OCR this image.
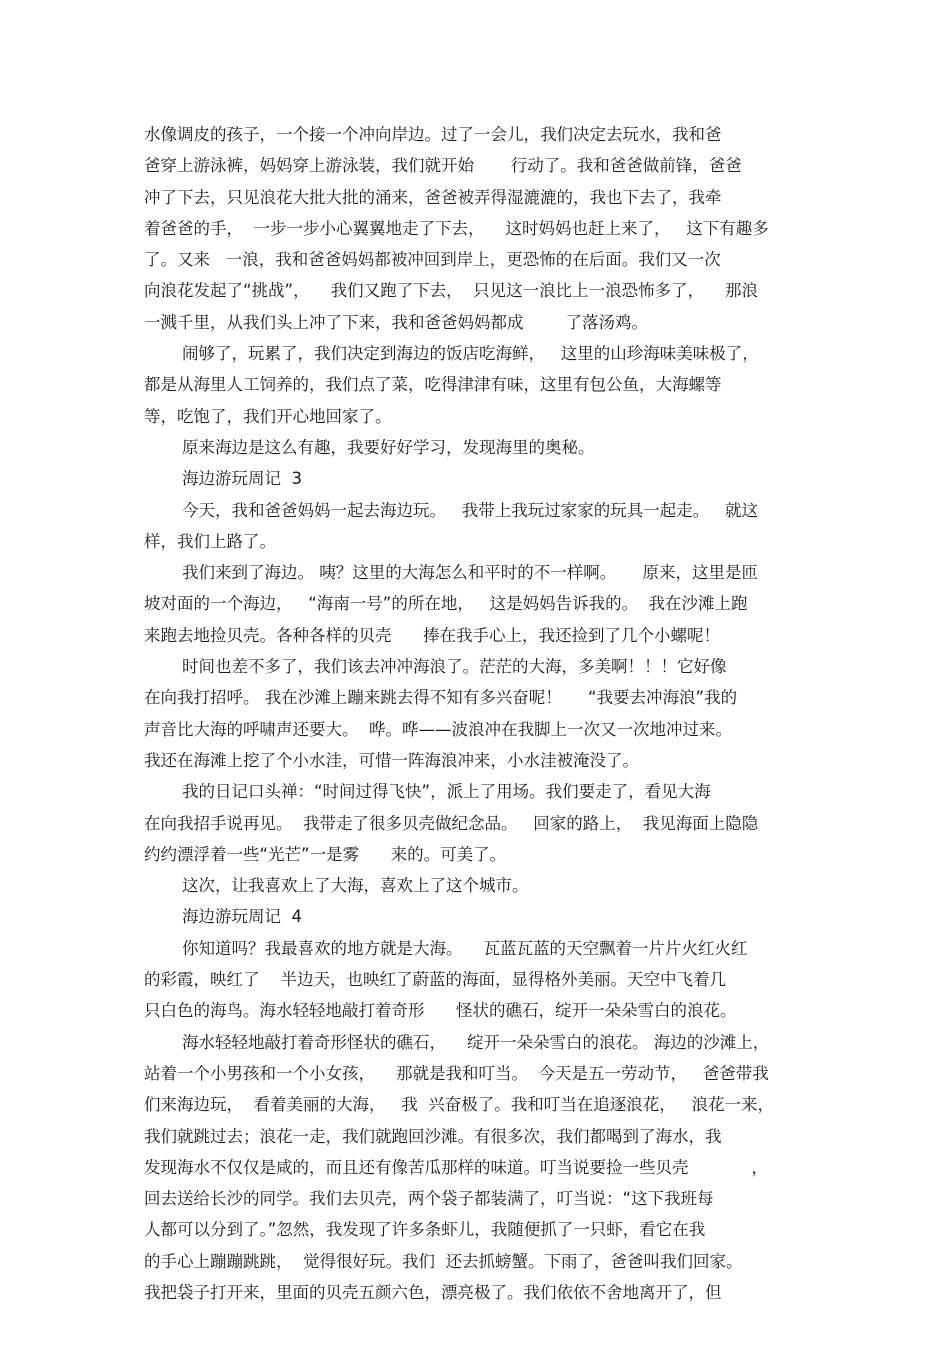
水像调皮的孩子，一个接一个冲向岸边。过了一会儿，我们决定去玩水，我和爸
爸穿上游泳裤，妈妈穿上游泳装，我们就开始       行动了。我和爸爸做前锋，爸爸
冲了下去，只见浪花大批大批的涌来，爸爸被弄得湿漉漉的，我也下去了，我牵
着爸爸的手，  一步一步小心翼翼地走了下去，    这时妈妈也赶上来了，   这下有趣多
了。又来   一浪，我和爸爸妈妈都被冲回到岸上，更恐怖的在后面。我们又一次
向浪花发起了“挑战”，    我们又跑了下去，  只见这一浪比上一浪恐怖多了，    那浪
一溅千里，从我们头上冲了下来，我和爸爸妈妈都成        了落汤鸡。
闹够了，玩累了，我们决定到海边的饭店吃海鲜，   这里的山珍海味美味极了，
都是从海里人工饲养的，我们点了菜，吃得津津有味，这里有包公鱼，大海螺等
等，吃饱了，我们开心地回家了。
原来海边是这么有趣，我要好好学习，发现海里的奥秘。
海边游玩周记  3
今天，我和爸爸妈妈一起去海边玩。   我带上我玩过家家的玩具一起走。   就这
样，我们上路了。
我们来到了海边。 咦？这里的大海怎么和平时的不一样啊。     原来，这里是匝
坡对面的一个海边，   “海南一号”的所在地，   这是妈妈告诉我的。  我在沙滩上跑
来跑去地捡贝壳。各种各样的贝壳      捧在我手心上，我还捡到了几个小螺呢！
时间也差不多了，我们该去冲冲海浪了。茫茫的大海，多美啊！！！它好像
在向我打招呼。 我在沙滩上蹦来跳去得不知有多兴奋呢！     “我要去冲海浪”我的
声音比大海的呼啸声还要大。  哗。哗——波浪冲在我脚上一次又一次地冲过来。
我还在海滩上挖了个小水洼，可惜一阵海浪冲来，小水洼被淹没了。
我的日记口头禅：“时间过得飞快”，派上了用场。我们要走了，看见大海
在向我招手说再见。  我带走了很多贝壳做纪念品。   回家的路上，  我见海面上隐隐
约约漂浮着一些“光芒”一是雾      来的。可美了。
这次，让我喜欢上了大海，喜欢上了这个城市。
海边游玩周记  4
你知道吗？我最喜欢的地方就是大海。    瓦蓝瓦蓝的天空飘着一片片火红火红
的彩霞，映红了    半边天，也映红了蔚蓝的海面，显得格外美丽。天空中飞着几
只白色的海鸟。海水轻轻地敲打着奇形      怪状的礁石，绽开一朵朵雪白的浪花。
海水轻轻地敲打着奇形怪状的礁石，    绽开一朵朵雪白的浪花。 海边的沙滩上，
站着一个小男孩和一个小女孩，    那就是我和叮当。  今天是五一劳动节，   爸爸带我
们来海边玩，  看着美丽的大海，   我  兴奋极了。我和叮当在追逐浪花，   浪花一来，
我们就跳过去；浪花一走，我们就跑回沙滩。有很多次，我们都喝到了海水，我
发现海水不仅仅是咸的，而且还有像苦瓜那样的味道。叮当说要捡一些贝壳            ，
回去送给长沙的同学。我们去贝壳，两个袋子都装满了，叮当说：“这下我班每
人都可以分到了。”忽然，我发现了许多条虾儿，我随便抓了一只虾，看它在我
的手心上蹦蹦跳跳，  觉得很好玩。我们  还去抓螃蟹。下雨了，爸爸叫我们回家。
我把袋子打开来，里面的贝壳五颜六色，漂亮极了。我们依依不舍地离开了，但
